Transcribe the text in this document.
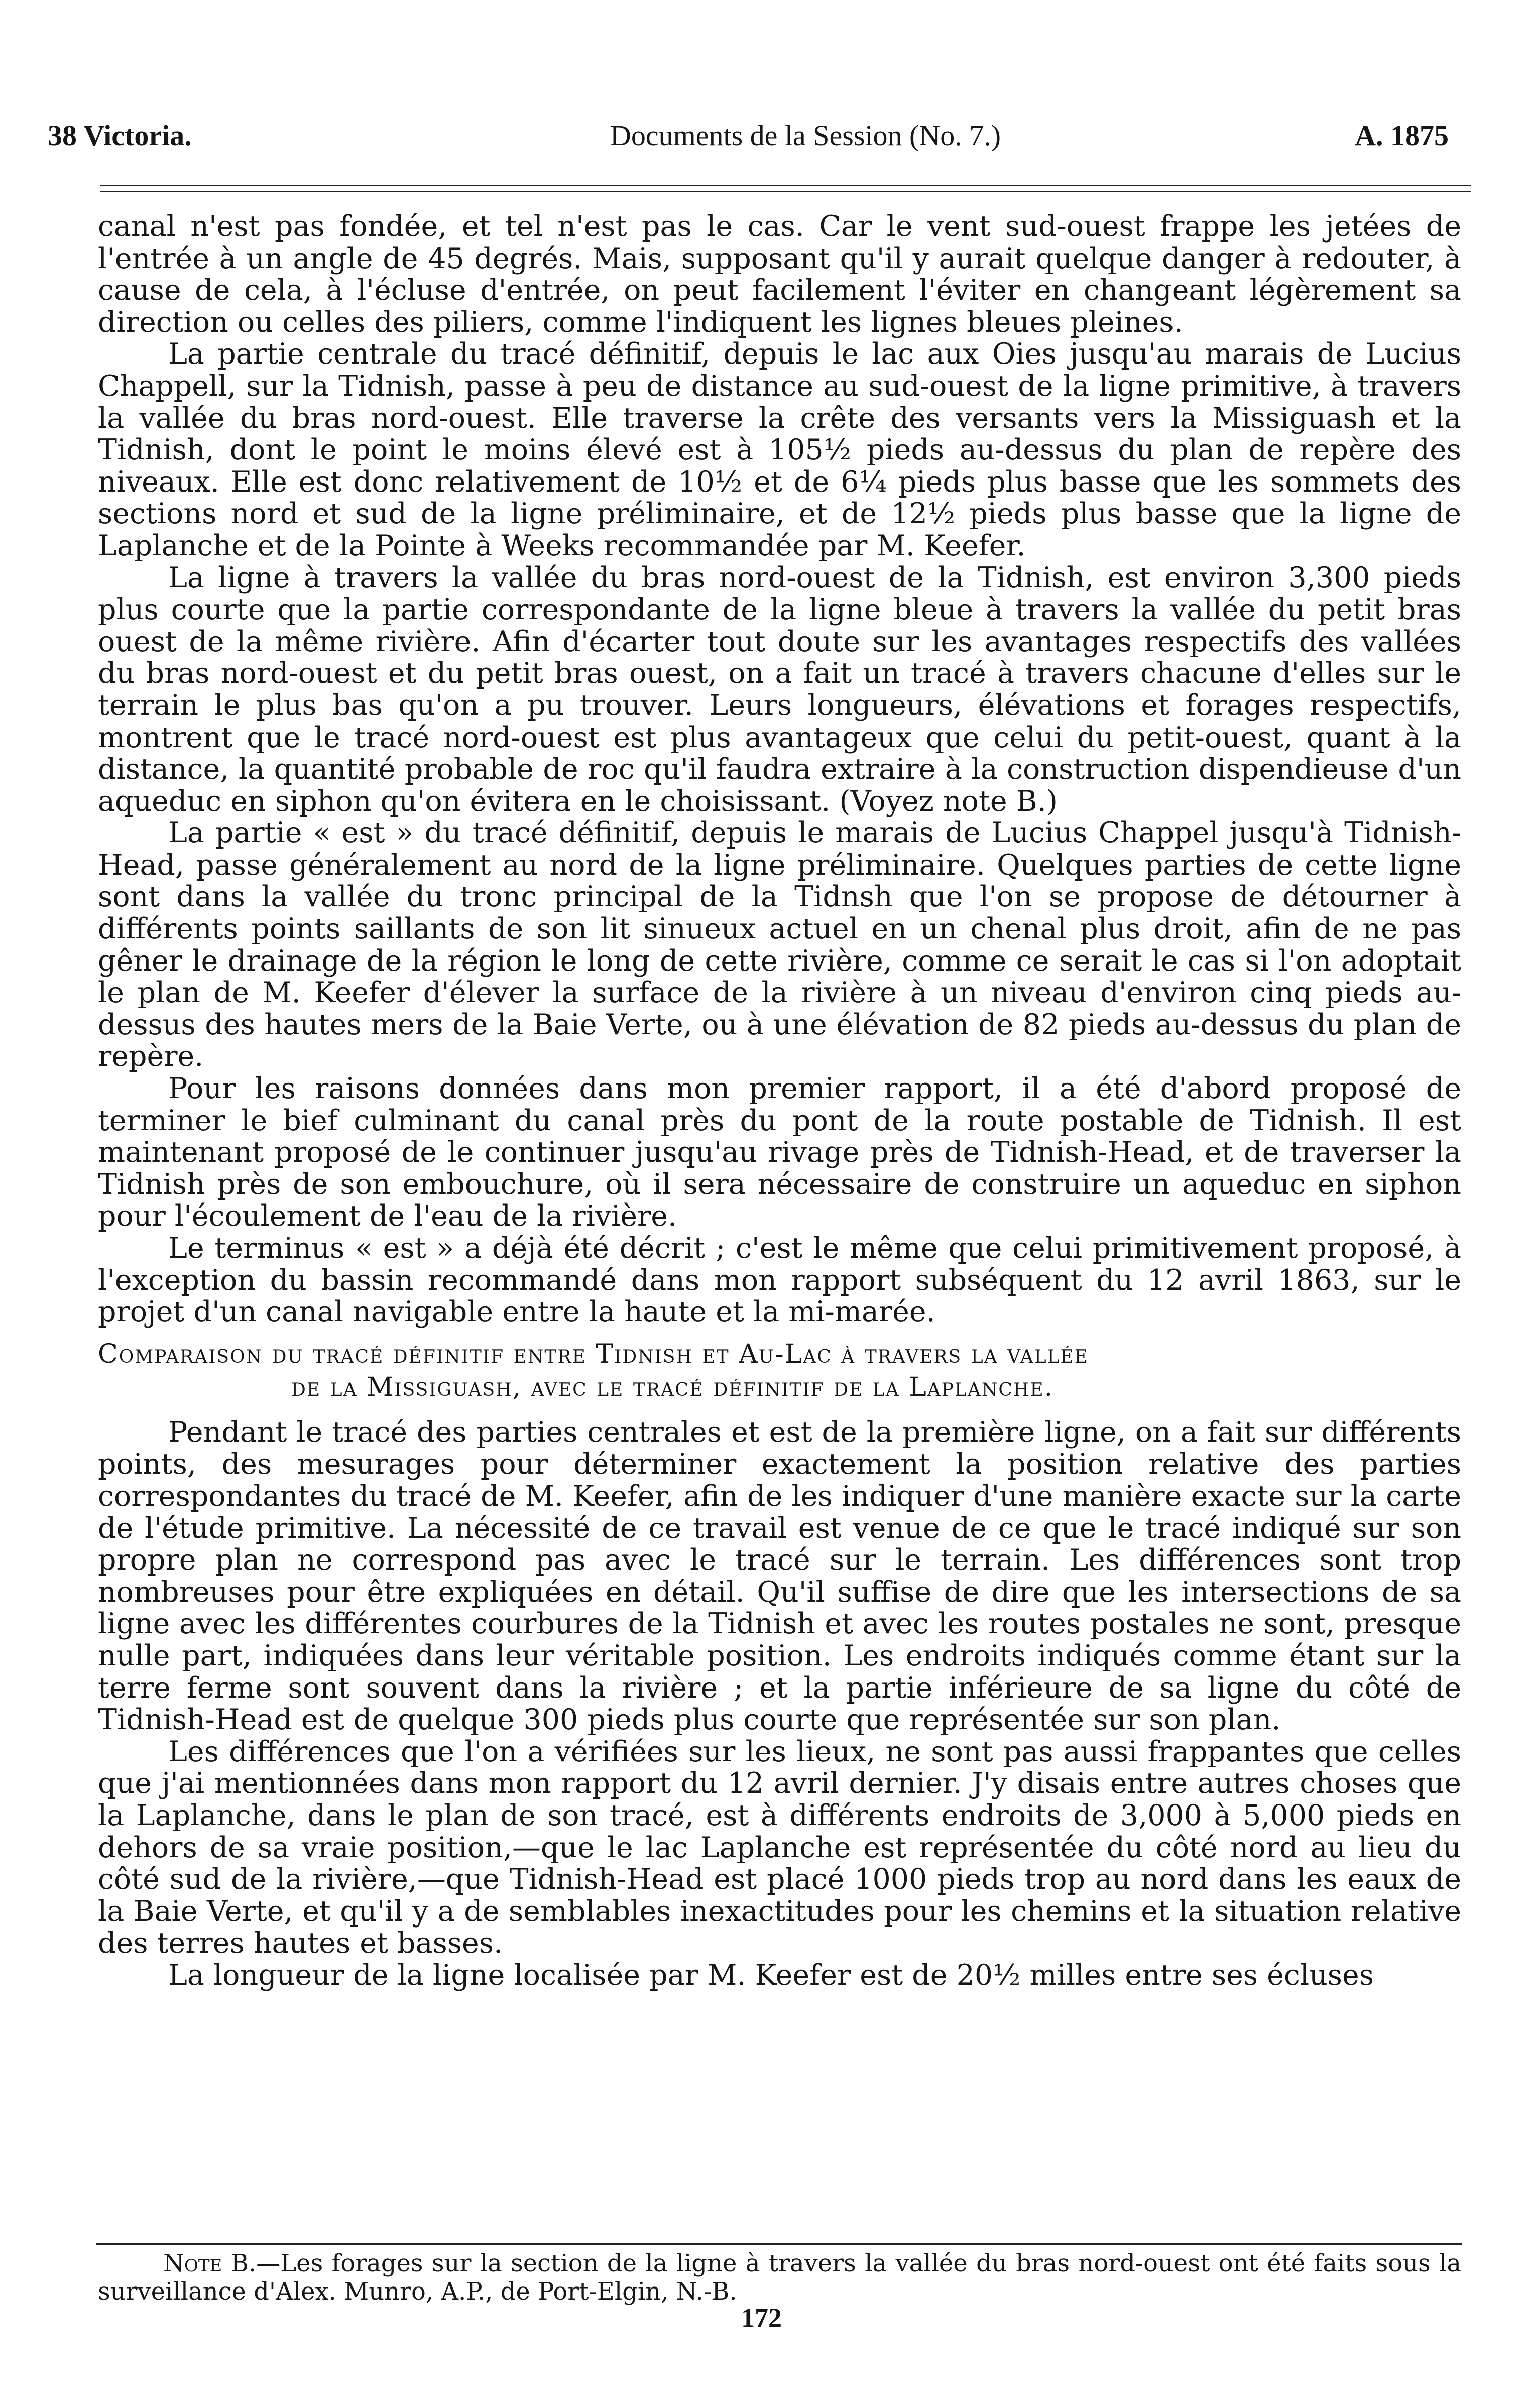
38 Victoria.	Documents de la Session (No. 7.)	A. 1875

canal n'est pas fondée, et tel n'est pas le cas. Car le vent sud-ouest frappe les jetées de l'entrée à un angle de 45 degrés. Mais, supposant qu'il y aurait quelque danger à redouter, à cause de cela, à l'écluse d'entrée, on peut facilement l'éviter en changeant légèrement sa direction ou celles des piliers, comme l'indiquent les lignes bleues pleines.

La partie centrale du tracé définitif, depuis le lac aux Oies jusqu'au marais de Lucius Chappell, sur la Tidnish, passe à peu de distance au sud-ouest de la ligne primitive, à travers la vallée du bras nord-ouest. Elle traverse la crête des versants vers la Missiguash et la Tidnish, dont le point le moins élevé est à 105½ pieds au-dessus du plan de repère des niveaux. Elle est donc relativement de 10½ et de 6¼ pieds plus basse que les sommets des sections nord et sud de la ligne préliminaire, et de 12½ pieds plus basse que la ligne de Laplanche et de la Pointe à Weeks recommandée par M. Keefer.

La ligne à travers la vallée du bras nord-ouest de la Tidnish, est environ 3,300 pieds plus courte que la partie correspondante de la ligne bleue à travers la vallée du petit bras ouest de la même rivière. Afin d'écarter tout doute sur les avantages respectifs des vallées du bras nord-ouest et du petit bras ouest, on a fait un tracé à travers chacune d'elles sur le terrain le plus bas qu'on a pu trouver. Leurs longueurs, élévations et forages respectifs, montrent que le tracé nord-ouest est plus avantageux que celui du petit-ouest, quant à la distance, la quantité probable de roc qu'il faudra extraire à la construction dispendieuse d'un aqueduc en siphon qu'on évitera en le choisissant. (Voyez note B.)

La partie « est » du tracé définitif, depuis le marais de Lucius Chappel jusqu'à Tidnish-Head, passe généralement au nord de la ligne préliminaire. Quelques parties de cette ligne sont dans la vallée du tronc principal de la Tidnsh que l'on se propose de détourner à différents points saillants de son lit sinueux actuel en un chenal plus droit, afin de ne pas gêner le drainage de la région le long de cette rivière, comme ce serait le cas si l'on adoptait le plan de M. Keefer d'élever la surface de la rivière à un niveau d'environ cinq pieds au-dessus des hautes mers de la Baie Verte, ou à une élévation de 82 pieds au-dessus du plan de repère.

Pour les raisons données dans mon premier rapport, il a été d'abord proposé de terminer le bief culminant du canal près du pont de la route postable de Tidnish. Il est maintenant proposé de le continuer jusqu'au rivage près de Tidnish-Head, et de traverser la Tidnish près de son embouchure, où il sera nécessaire de construire un aqueduc en siphon pour l'écoulement de l'eau de la rivière.

Le terminus « est » a déjà été décrit ; c'est le même que celui primitivement proposé, à l'exception du bassin recommandé dans mon rapport subséquent du 12 avril 1863, sur le projet d'un canal navigable entre la haute et la mi-marée.

Comparaison du tracé définitif entre Tidnish et Au-Lac à travers la vallée
de la Missiguash, avec le tracé définitif de la Laplanche.

Pendant le tracé des parties centrales et est de la première ligne, on a fait sur différents points, des mesurages pour déterminer exactement la position relative des parties correspondantes du tracé de M. Keefer, afin de les indiquer d'une manière exacte sur la carte de l'étude primitive. La nécessité de ce travail est venue de ce que le tracé indiqué sur son propre plan ne correspond pas avec le tracé sur le terrain. Les différences sont trop nombreuses pour être expliquées en détail. Qu'il suffise de dire que les intersections de sa ligne avec les différentes courbures de la Tidnish et avec les routes postales ne sont, presque nulle part, indiquées dans leur véritable position. Les endroits indiqués comme étant sur la terre ferme sont souvent dans la rivière ; et la partie inférieure de sa ligne du côté de Tidnish-Head est de quelque 300 pieds plus courte que représentée sur son plan.

Les différences que l'on a vérifiées sur les lieux, ne sont pas aussi frappantes que celles que j'ai mentionnées dans mon rapport du 12 avril dernier. J'y disais entre autres choses que la Laplanche, dans le plan de son tracé, est à différents endroits de 3,000 à 5,000 pieds en dehors de sa vraie position,—que le lac Laplanche est représentée du côté nord au lieu du côté sud de la rivière,—que Tidnish-Head est placé 1000 pieds trop au nord dans les eaux de la Baie Verte, et qu'il y a de semblables inexactitudes pour les chemins et la situation relative des terres hautes et basses.

La longueur de la ligne localisée par M. Keefer est de 20½ milles entre ses écluses

Note B.—Les forages sur la section de la ligne à travers la vallée du bras nord-ouest ont été faits sous la surveillance d'Alex. Munro, A.P., de Port-Elgin, N.-B.
172
